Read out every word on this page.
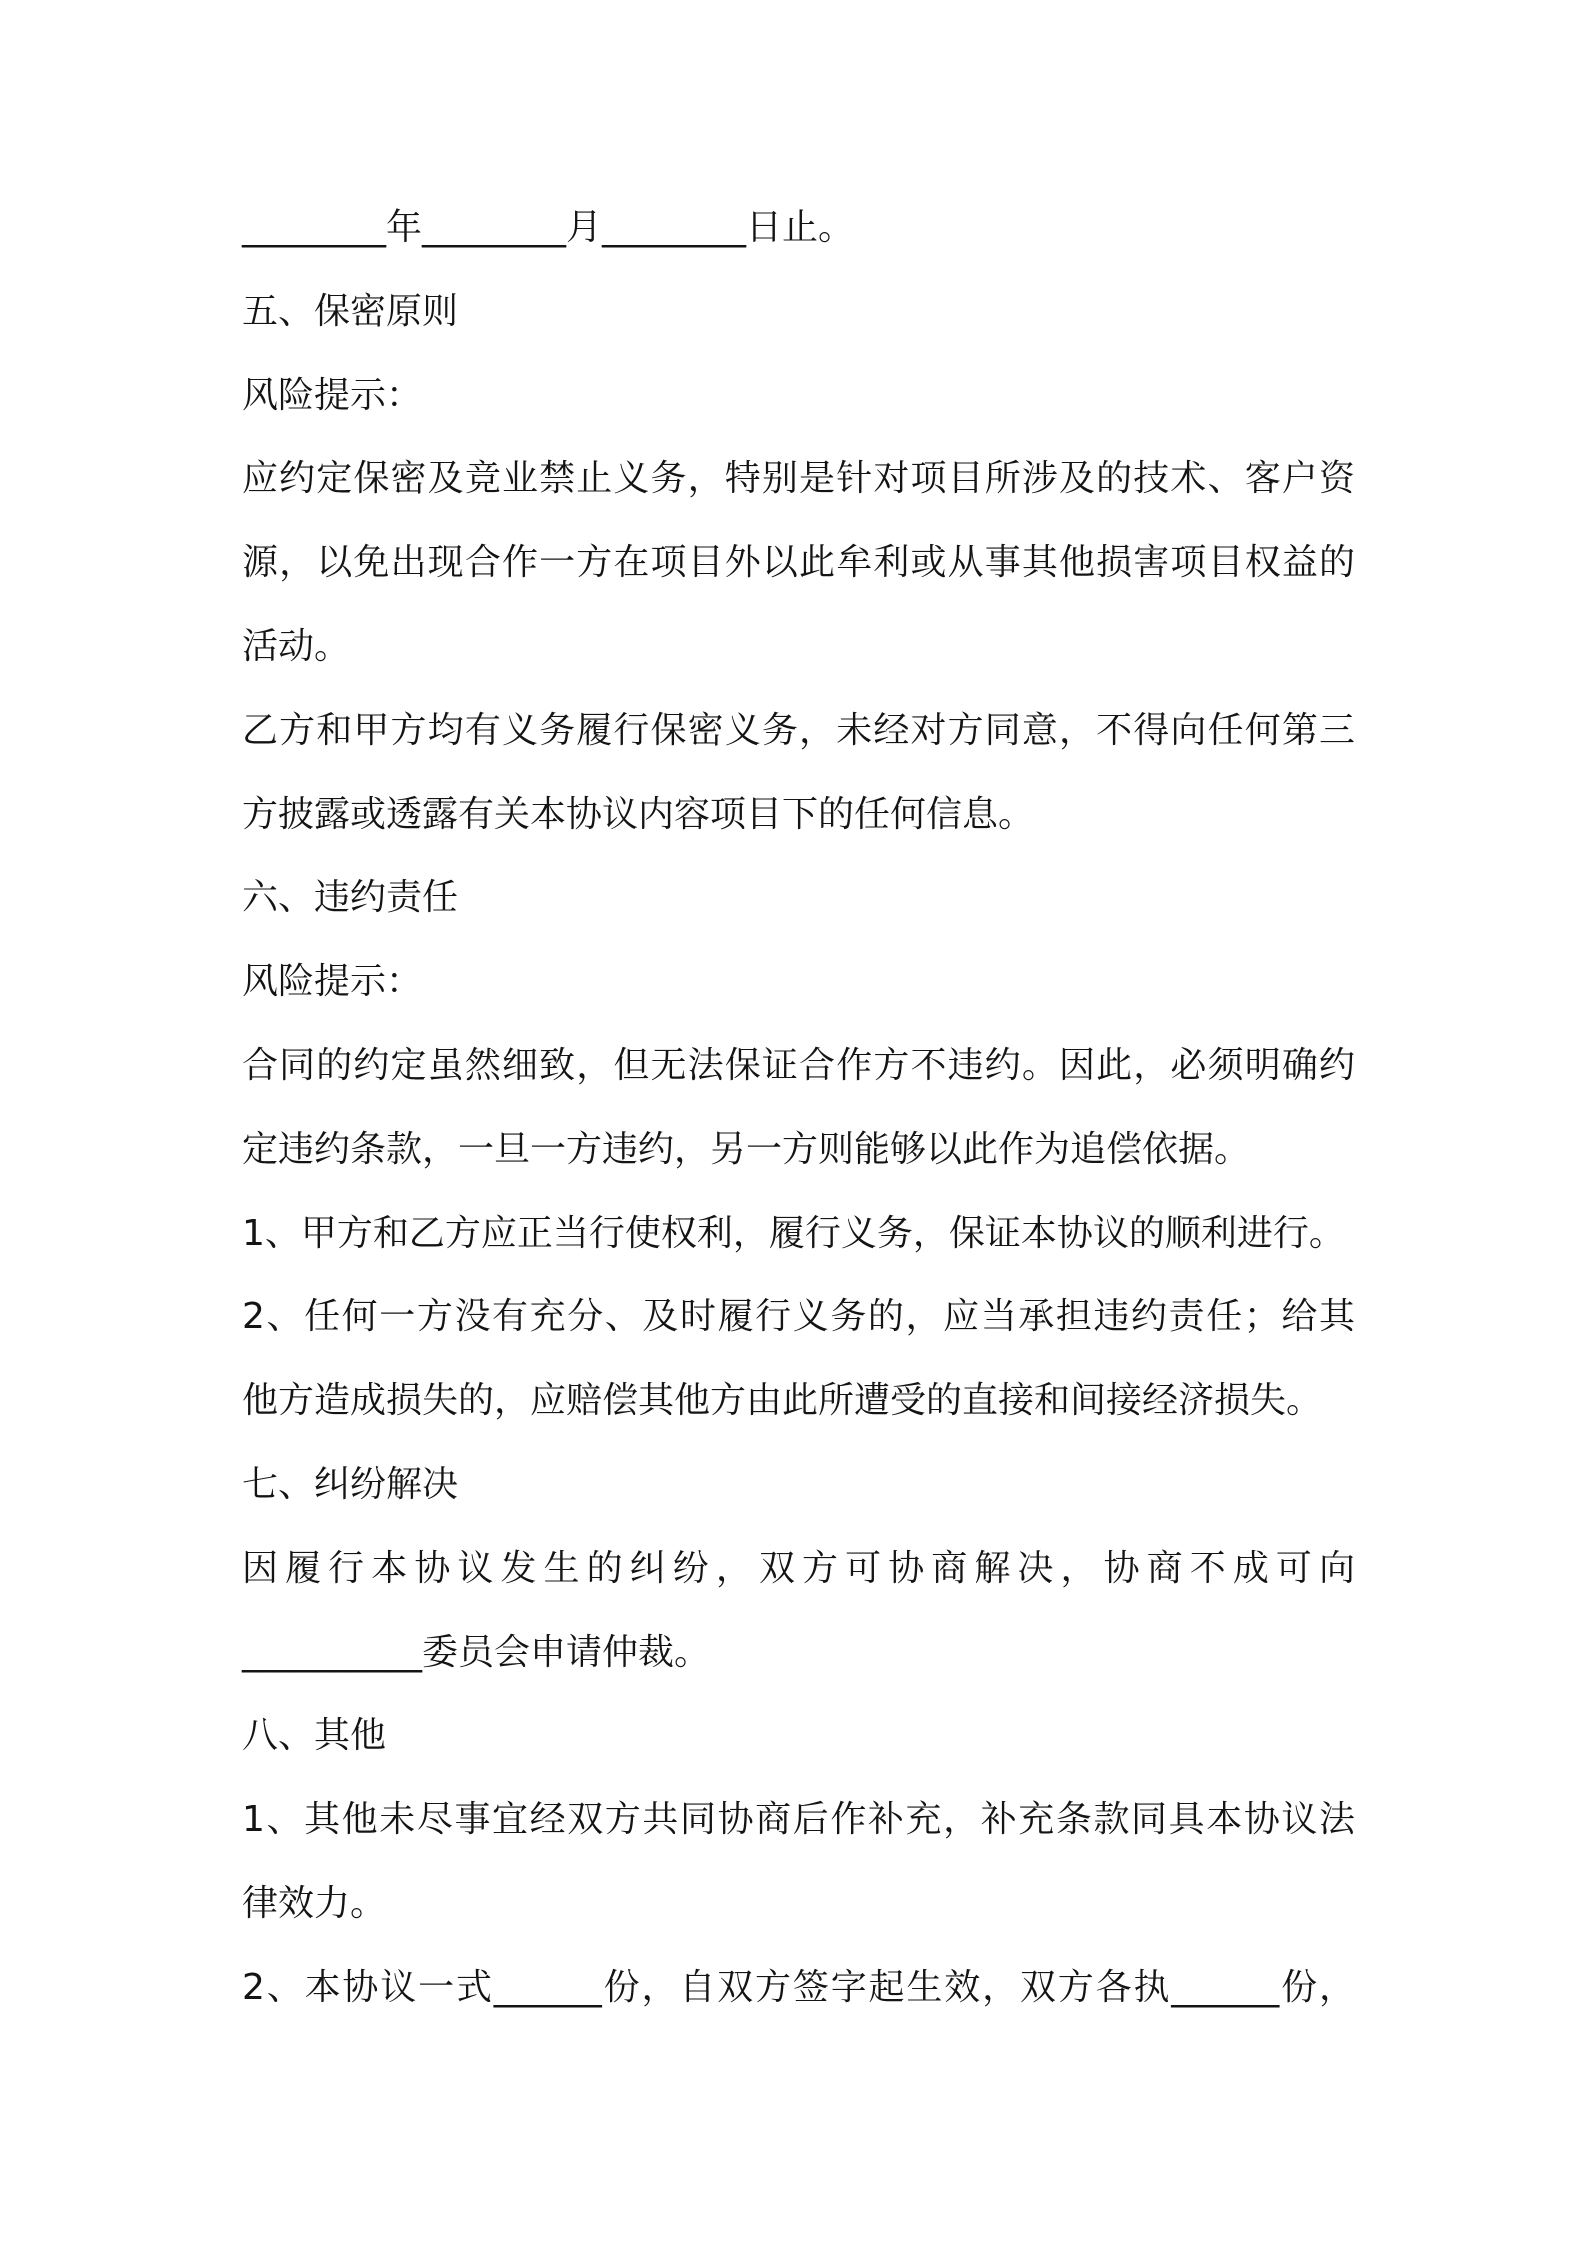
________年________月________日止。
五、保密原则
风险提示：
应约定保密及竞业禁止义务，特别是针对项目所涉及的技术、客户资
源，以免出现合作一方在项目外以此牟利或从事其他损害项目权益的
活动。
乙方和甲方均有义务履行保密义务，未经对方同意，不得向任何第三
方披露或透露有关本协议内容项目下的任何信息。
六、违约责任
风险提示：
合同的约定虽然细致，但无法保证合作方不违约。因此，必须明确约
定违约条款，一旦一方违约，另一方则能够以此作为追偿依据。
1、甲方和乙方应正当行使权利，履行义务，保证本协议的顺利进行。
2、任何一方没有充分、及时履行义务的，应当承担违约责任；给其
他方造成损失的，应赔偿其他方由此所遭受的直接和间接经济损失。
七、纠纷解决
因履行本协议发生的纠纷，双方可协商解决，协商不成可向
__________委员会申请仲裁。
八、其他
1、其他未尽事宜经双方共同协商后作补充，补充条款同具本协议法
律效力。
2、本协议一式______份，自双方签字起生效，双方各执______份，
